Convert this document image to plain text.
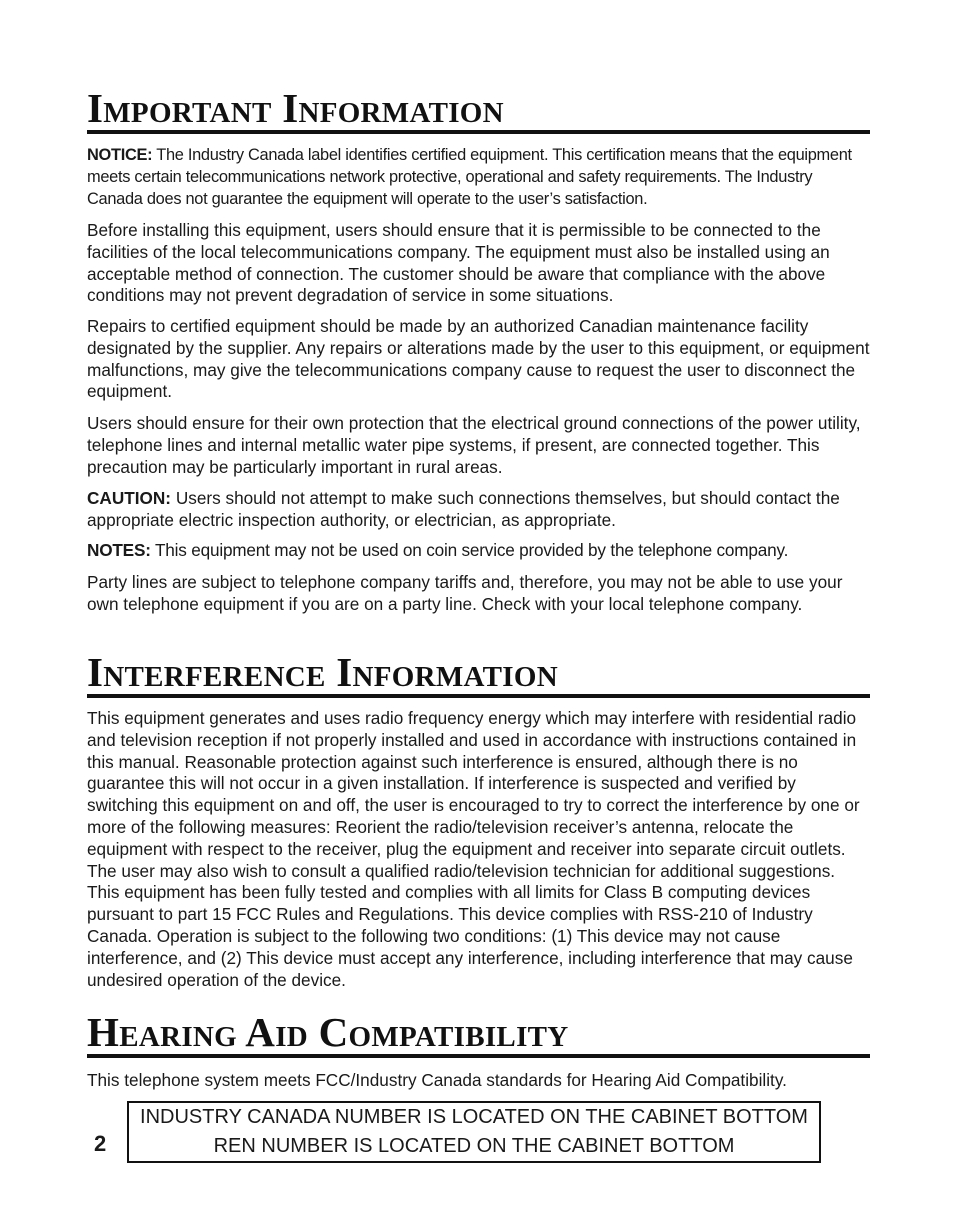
Important Information

NOTICE: The Industry Canada label identifies certified equipment. This certification means that the equipment meets certain telecommunications network protective, operational and safety requirements. The Industry Canada does not guarantee the equipment will operate to the user’s satisfaction.

Before installing this equipment, users should ensure that it is permissible to be connected to the facilities of the local telecommunications company. The equipment must also be installed using an acceptable method of connection. The customer should be aware that compliance with the above conditions may not prevent degradation of service in some situations.

Repairs to certified equipment should be made by an authorized Canadian maintenance facility designated by the supplier. Any repairs or alterations made by the user to this equipment, or equipment malfunctions, may give the telecommunications company cause to request the user to disconnect the equipment.

Users should ensure for their own protection that the electrical ground connections of the power utility, telephone lines and internal metallic water pipe systems, if present, are connected together. This precaution may be particularly important in rural areas.

CAUTION: Users should not attempt to make such connections themselves, but should contact the appropriate electric inspection authority, or electrician, as appropriate.

NOTES: This equipment may not be used on coin service provided by the telephone company.

Party lines are subject to telephone company tariffs and, therefore, you may not be able to use your own telephone equipment if you are on a party line. Check with your local telephone company.

Interference Information

This equipment generates and uses radio frequency energy which may interfere with residential radio and television reception if not properly installed and used in accordance with instructions contained in this manual. Reasonable protection against such interference is ensured, although there is no guarantee this will not occur in a given installation. If interference is suspected and verified by switching this equipment on and off, the user is encouraged to try to correct the interference by one or more of the following measures: Reorient the radio/television receiver’s antenna, relocate the equipment with respect to the receiver, plug the equipment and receiver into separate circuit outlets. The user may also wish to consult a qualified radio/television technician for additional suggestions. This equipment has been fully tested and complies with all limits for Class B computing devices pursuant to part 15 FCC Rules and Regulations. This device complies with RSS-210 of Industry Canada. Operation is subject to the following two conditions: (1) This device may not cause interference, and (2) This device must accept any interference, including interference that may cause undesired operation of the device.

Hearing Aid Compatibility

This telephone system meets FCC/Industry Canada standards for Hearing Aid Compatibility.

2
INDUSTRY CANADA NUMBER IS LOCATED ON THE CABINET BOTTOM
REN NUMBER IS LOCATED ON THE CABINET BOTTOM
